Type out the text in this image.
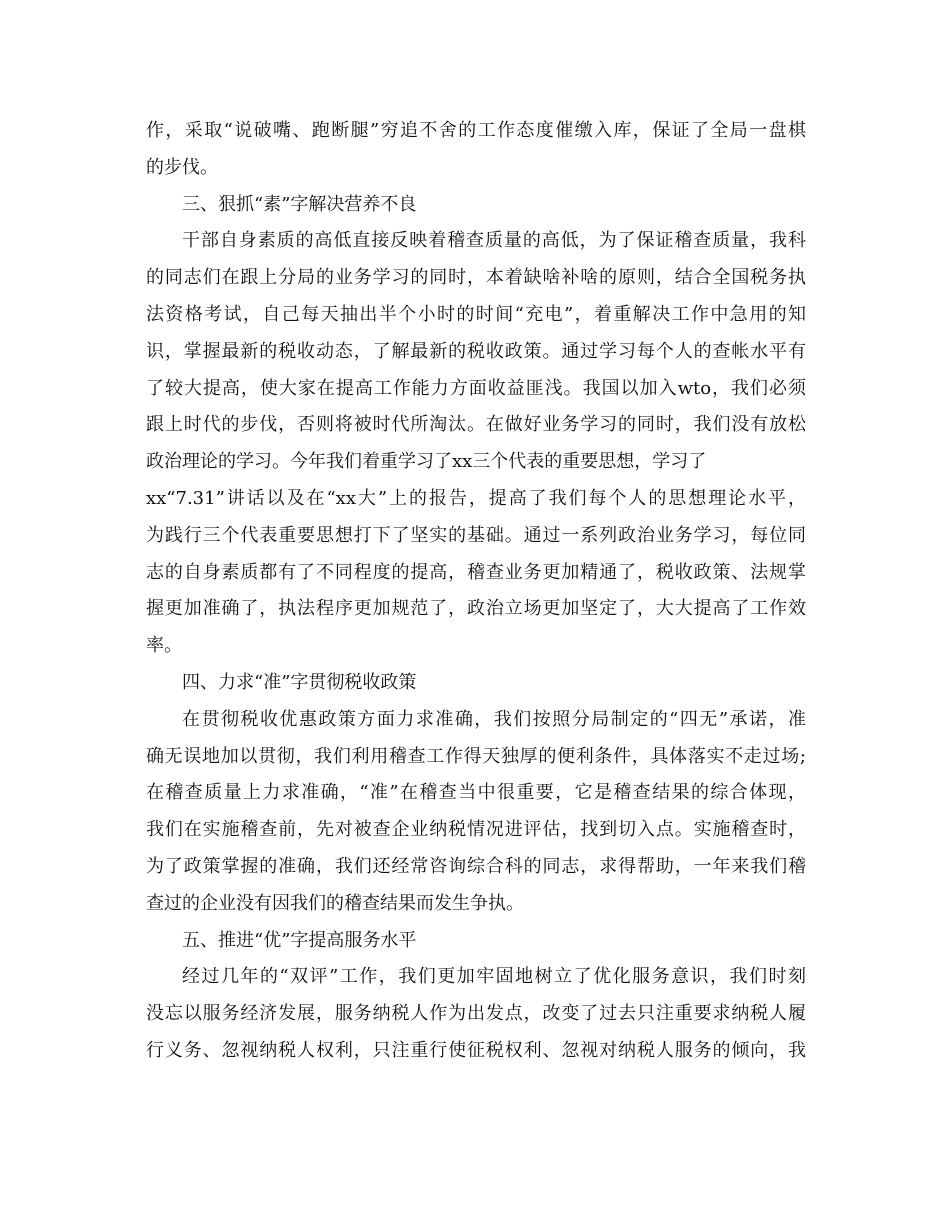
作，采取“说破嘴、跑断腿”穷追不舍的工作态度催缴入库，保证了全局一盘棋
的步伐。
三、狠抓“素”字解决营养不良
干部自身素质的高低直接反映着稽查质量的高低，为了保证稽查质量，我科
的同志们在跟上分局的业务学习的同时，本着缺啥补啥的原则，结合全国税务执
法资格考试，自己每天抽出半个小时的时间“充电”，着重解决工作中急用的知
识，掌握最新的税收动态，了解最新的税收政策。通过学习每个人的查帐水平有
了较大提高，使大家在提高工作能力方面收益匪浅。我国以加入wto，我们必须
跟上时代的步伐，否则将被时代所淘汰。在做好业务学习的同时，我们没有放松
政治理论的学习。今年我们着重学习了xx三个代表的重要思想，学习了
xx“7.31”讲话以及在“xx大”上的报告，提高了我们每个人的思想理论水平，
为践行三个代表重要思想打下了坚实的基础。通过一系列政治业务学习，每位同
志的自身素质都有了不同程度的提高，稽查业务更加精通了，税收政策、法规掌
握更加准确了，执法程序更加规范了，政治立场更加坚定了，大大提高了工作效
率。
四、力求“准”字贯彻税收政策
在贯彻税收优惠政策方面力求准确，我们按照分局制定的“四无”承诺，准
确无误地加以贯彻，我们利用稽查工作得天独厚的便利条件，具体落实不走过场;
在稽查质量上力求准确，“准”在稽查当中很重要，它是稽查结果的综合体现，
我们在实施稽查前，先对被查企业纳税情况进评估，找到切入点。实施稽查时，
为了政策掌握的准确，我们还经常咨询综合科的同志，求得帮助，一年来我们稽
查过的企业没有因我们的稽查结果而发生争执。
五、推进“优”字提高服务水平
经过几年的“双评”工作，我们更加牢固地树立了优化服务意识，我们时刻
没忘以服务经济发展，服务纳税人作为出发点，改变了过去只注重要求纳税人履
行义务、忽视纳税人权利，只注重行使征税权利、忽视对纳税人服务的倾向，我
